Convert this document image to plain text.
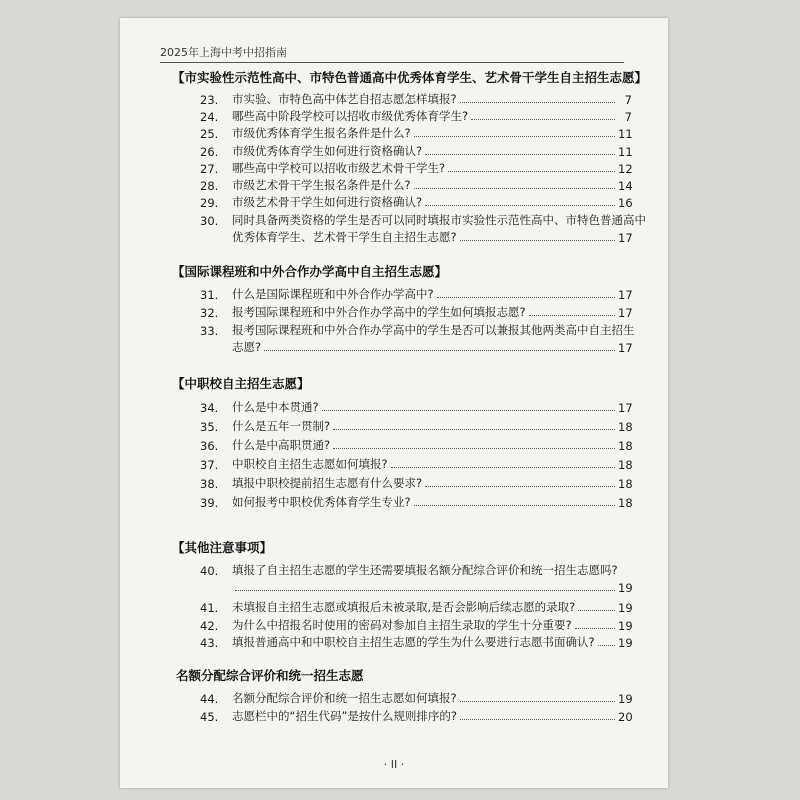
2025年上海中考中招指南
【 市实验性示范性高中、市特色普通高中优秀体育学生、艺术骨干学生自主招生志愿 】
23.	市实验、市特色高中体艺自招志愿怎样填报?	7
24.	哪些高中阶段学校可以招收市级优秀体育学生?	7
25.	市级优秀体育学生报名条件是什么?	11
26.	市级优秀体育学生如何进行资格确认?	11
27.	哪些高中学校可以招收市级艺术骨干学生?	12
28.	市级艺术骨干学生报名条件是什么?	14
29.	市级艺术骨干学生如何进行资格确认?	16
30.	同时具备两类资格的学生是否可以同时填报市实验性示范性高中、市特色普通高中
优秀体育学生、艺术骨干学生自主招生志愿?	17
【 国际课程班和中外合作办学高中自主招生志愿 】
31.	什么是国际课程班和中外合作办学高中?	17
32.	报考国际课程班和中外合作办学高中的学生如何填报志愿?	17
33.	报考国际课程班和中外合作办学高中的学生是否可以兼报其他两类高中自主招生
志愿?	17
【 中职校自主招生志愿 】
34.	什么是中本贯通?	17
35.	什么是五年一贯制?	18
36.	什么是中高职贯通?	18
37.	中职校自主招生志愿如何填报?	18
38.	填报中职校提前招生志愿有什么要求?	18
39.	如何报考中职校优秀体育学生专业?	18
【 其他注意事项 】
40.	填报了自主招生志愿的学生还需要填报名额分配综合评价和统一招生志愿吗?
19
41.	未填报自主招生志愿或填报后未被录取,是否会影响后续志愿的录取?	19
42.	为什么中招报名时使用的密码对参加自主招生录取的学生十分重要?	19
43.	填报普通高中和中职校自主招生志愿的学生为什么要进行志愿书面确认? 19
名额分配综合评价和统一招生志愿
44.	名额分配综合评价和统一招生志愿如何填报?	19
45.	志愿栏中的“招生代码”是按什么规则排序的?	20
· II ·
